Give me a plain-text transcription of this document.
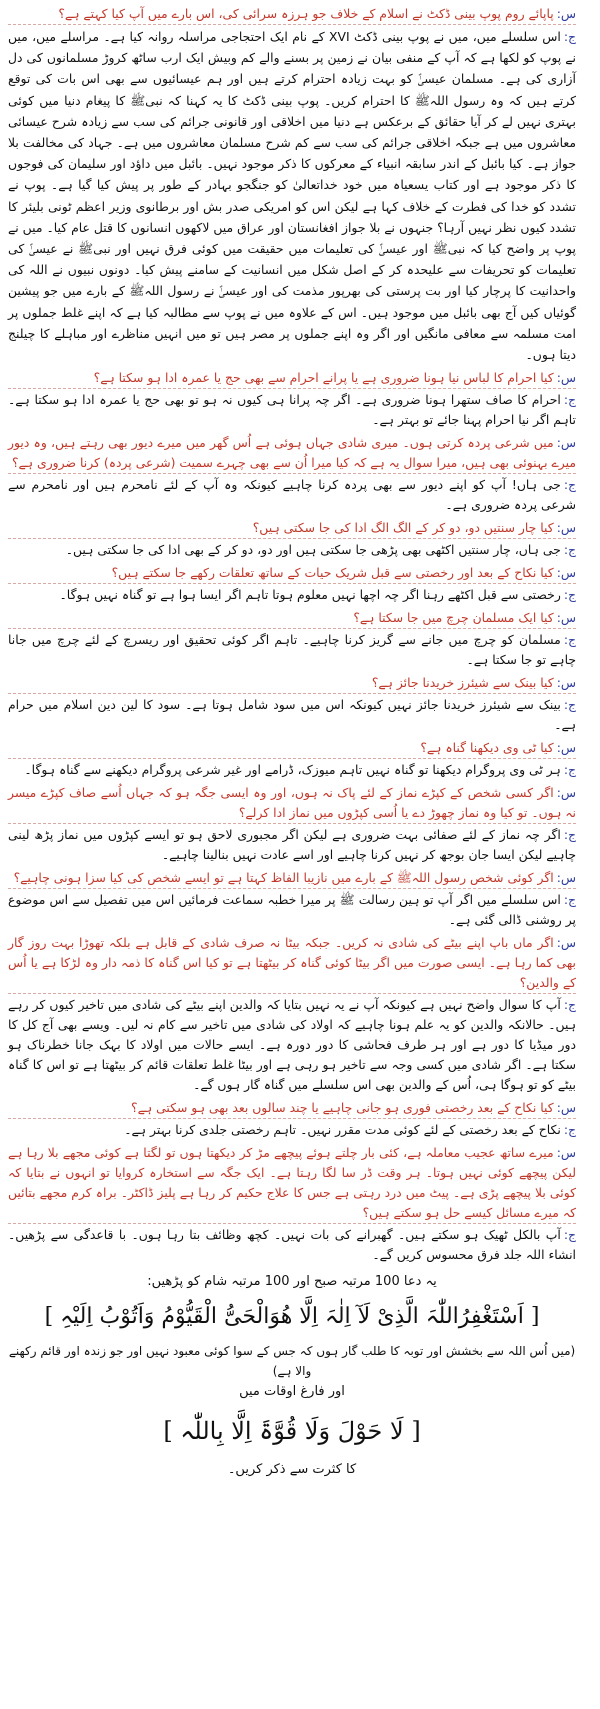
س:پاپائے روم پوپ بینی ڈکٹ نے اسلام کے خلاف جو ہرزہ سرائی کی، اس بارے میں آپ کیا کہتے ہے؟

ج:اس سلسلے میں، میں نے پوپ بینی ڈکٹ XVI کے نام ایک احتجاجی مراسلہ روانہ کیا ہے۔ مراسلے میں، میں نے پوپ کو لکھا ہے کہ آپ کے منفی بیان نے زمین پر بسنے والے کم وبیش ایک ارب ساٹھ کروڑ مسلمانوں کی دل آزاری کی ہے۔ مسلمان عیسیٰؑ کو بہت زیادہ احترام کرتے ہیں اور ہم عیسائیوں سے بھی اس بات کی توقع کرتے ہیں کہ وہ رسول اللہﷺ کا احترام کریں۔ پوپ بینی ڈکٹ کا یہ کہنا کہ نبیﷺ کا پیغام دنیا میں کوئی بہتری نہیں لے کر آیا حقائق کے برعکس ہے دنیا میں اخلاقی اور قانونی جرائم کی سب سے زیادہ شرح عیسائی معاشروں میں ہے جبکہ اخلاقی جرائم کی سب سے کم شرح مسلمان معاشروں میں ہے۔ جہاد کی مخالفت بلا جواز ہے۔ کیا بائبل کے اندر سابقہ انبیاء کے معرکوں کا ذکر موجود نہیں۔ بائبل میں داؤد اور سلیمان کی فوجوں کا ذکر موجود ہے اور کتاب یسعیاہ میں خود خداتعالیٰ کو جنگجو بہادر کے طور پر پیش کیا گیا ہے۔ پوپ نے تشدد کو خدا کی فطرت کے خلاف کہا ہے لیکن اس کو امریکی صدر بش اور برطانوی وزیر اعظم ٹونی بلیئر کا تشدد کیوں نظر نہیں آرہا؟ جنہوں نے بلا جواز افغانستان اور عراق میں لاکھوں انسانوں کا قتل عام کیا۔ میں نے پوپ پر واضح کیا کہ نبیﷺ اور عیسیٰؑ کی تعلیمات میں حقیقت میں کوئی فرق نہیں اور نبیﷺ نے عیسیٰؑ کی تعلیمات کو تحریفات سے علیحدہ کر کے اصل شکل میں انسانیت کے سامنے پیش کیا۔ دونوں نبیوں نے اللہ کی واحدانیت کا پرچار کیا اور بت پرستی کی بھرپور مذمت کی اور عیسیٰؑ نے رسول اللہﷺ کے بارے میں جو پیشین گوئیاں کیں آج بھی بائبل میں موجود ہیں۔ اس کے علاوہ میں نے پوپ سے مطالبہ کیا ہے کہ اپنے غلط جملوں پر امت مسلمہ سے معافی مانگیں اور اگر وہ اپنے جملوں پر مصر ہیں تو میں انہیں مناظرے اور مباہلے کا چیلنج دیتا ہوں۔

س:کیا احرام کا لباس نیا ہونا ضروری ہے یا پرانے احرام سے بھی حج یا عمرہ ادا ہو سکتا ہے؟

ج:احرام کا صاف ستھرا ہونا ضروری ہے۔ اگر چہ پرانا ہی کیوں نہ ہو تو بھی حج یا عمرہ ادا ہو سکتا ہے۔ تاہم اگر نیا احرام پہنا جائے تو بہتر ہے۔

س:میں شرعی پردہ کرتی ہوں۔ میری شادی جہاں ہوئی ہے اُس گھر میں میرے دیور بھی رہتے ہیں، وہ دیور میرے بہنوئی بھی ہیں، میرا سوال یہ ہے کہ کیا میرا اُن سے بھی چہرے سمیت (شرعی پردہ) کرنا ضروری ہے؟

ج:جی ہاں! آپ کو اپنے دیور سے بھی پردہ کرنا چاہیے کیونکہ وہ آپ کے لئے نامحرم ہیں اور نامحرم سے شرعی پردہ ضروری ہے۔

س:کیا چار سنتیں دو، دو کر کے الگ الگ ادا کی جا سکتی ہیں؟

ج:جی ہاں، چار سنتیں اکٹھی بھی پڑھی جا سکتی ہیں اور دو، دو کر کے بھی ادا کی جا سکتی ہیں۔

س:کیا نکاح کے بعد اور رخصتی سے قبل شریک حیات کے ساتھ تعلقات رکھے جا سکتے ہیں؟

ج:رخصتی سے قبل اکٹھے رہنا اگر چہ اچھا نہیں معلوم ہوتا تاہم اگر ایسا ہوا ہے تو گناہ نہیں ہوگا۔

س:کیا ایک مسلمان چرچ میں جا سکتا ہے؟

ج:مسلمان کو چرچ میں جانے سے گریز کرنا چاہیے۔ تاہم اگر کوئی تحقیق اور ریسرچ کے لئے چرچ میں جانا چاہے تو جا سکتا ہے۔

س:کیا بینک سے شیئرز خریدنا جائز ہے؟

ج:بینک سے شیئرز خریدنا جائز نہیں کیونکہ اس میں سود شامل ہوتا ہے۔ سود کا لین دین اسلام میں حرام ہے۔

س:کیا ٹی وی دیکھنا گناہ ہے؟

ج:ہر ٹی وی پروگرام دیکھنا تو گناہ نہیں تاہم میوزک، ڈرامے اور غیر شرعی پروگرام دیکھنے سے گناہ ہوگا۔

س:اگر کسی شخص کے کپڑے نماز کے لئے پاک نہ ہوں، اور وہ ایسی جگہ ہو کہ جہاں اُسے صاف کپڑے میسر نہ ہوں۔ تو کیا وہ نماز چھوڑ دے یا اُسی کپڑوں میں نماز ادا کرلے؟

ج:اگر چہ نماز کے لئے صفائی بہت ضروری ہے لیکن اگر مجبوری لاحق ہو تو ایسے کپڑوں میں نماز پڑھ لینی چاہیے لیکن ایسا جان بوجھ کر نہیں کرنا چاہیے اور اسے عادت نہیں بنالینا چاہیے۔

س:اگر کوئی شخص رسول اللہﷺ کے بارے میں نازیبا الفاظ کہتا ہے تو ایسے شخص کی کیا سزا ہونی چاہیے؟

ج:اس سلسلے میں اگر آپ تو ہین رسالت ﷺ پر میرا خطبہ سماعت فرمائیں اس میں تفصیل سے اس موضوع پر روشنی ڈالی گئی ہے۔

س:اگر ماں باپ اپنے بیٹے کی شادی نہ کریں۔ جبکہ بیٹا نہ صرف شادی کے قابل ہے بلکہ تھوڑا بہت روز گار بھی کما رہا ہے۔ ایسی صورت میں اگر بیٹا کوئی گناہ کر بیٹھتا ہے تو کیا اس گناہ کا ذمہ دار وہ لڑکا ہے یا اُس کے والدین؟

ج:آپ کا سوال واضح نہیں ہے کیونکہ آپ نے یہ نہیں بتایا کہ والدین اپنے بیٹے کی شادی میں تاخیر کیوں کر رہے ہیں۔ حالانکہ والدین کو یہ علم ہونا چاہیے کہ اولاد کی شادی میں تاخیر سے کام نہ لیں۔ ویسے بھی آج کل کا دور میڈیا کا دور ہے اور ہر طرف فحاشی کا دور دورہ ہے۔ ایسے حالات میں اولاد کا بہک جانا خطرناک ہو سکتا ہے۔ اگر شادی میں کسی وجہ سے تاخیر ہو رہی ہے اور بیٹا غلط تعلقات قائم کر بیٹھتا ہے تو اس کا گناہ بیٹے کو تو ہوگا ہی، اُس کے والدین بھی اس سلسلے میں گناہ گار ہوں گے۔

س:کیا نکاح کے بعد رخصتی فوری ہو جانی چاہیے یا چند سالوں بعد بھی ہو سکتی ہے؟

ج:نکاح کے بعد رخصتی کے لئے کوئی مدت مقرر نہیں۔ تاہم رخصتی جلدی کرنا بہتر ہے۔

س:میرے ساتھ عجیب معاملہ ہے، کئی بار چلتے ہوئے پیچھے مڑ کر دیکھتا ہوں تو لگتا ہے کوئی مجھے بلا رہا ہے لیکن پیچھے کوئی نہیں ہوتا۔ ہر وقت ڈر سا لگا رہتا ہے۔ ایک جگہ سے استخارہ کروایا تو انہوں نے بتایا کہ کوئی بلا پیچھے پڑی ہے۔ پیٹ میں درد رہتی ہے جس کا علاج حکیم کر رہا ہے پلیز ڈاکٹر۔ براہ کرم مجھے بتائیں کہ میرے مسائل کیسے حل ہو سکتے ہیں؟

ج:آپ بالکل ٹھیک ہو سکتے ہیں۔ گھبرانے کی بات نہیں۔ کچھ وظائف بتا رہا ہوں۔ با قاعدگی سے پڑھیں۔ انشاء اللہ جلد فرق محسوس کریں گے۔

یہ دعا 100 مرتبہ صبح اور 100 مرتبہ شام کو پڑھیں:

[ اَسْتَغْفِرُاللّٰہَ الَّذِیْ لَآ اِلٰہَ اِلَّا ھُوَالْحَیُّ الْقَیُّوْمُ وَاَتُوْبُ اِلَیْہِ ]

(میں اُس اللہ سے بخشش اور توبہ کا طلب گار ہوں کہ جس کے سوا کوئی معبود نہیں اور جو زندہ اور قائم رکھنے والا ہے)

اور فارغ اوقات میں

[ لَا حَوْلَ وَلَا قُوَّۃَ اِلَّا بِاللّٰہ ]

کا کثرت سے ذکر کریں۔
